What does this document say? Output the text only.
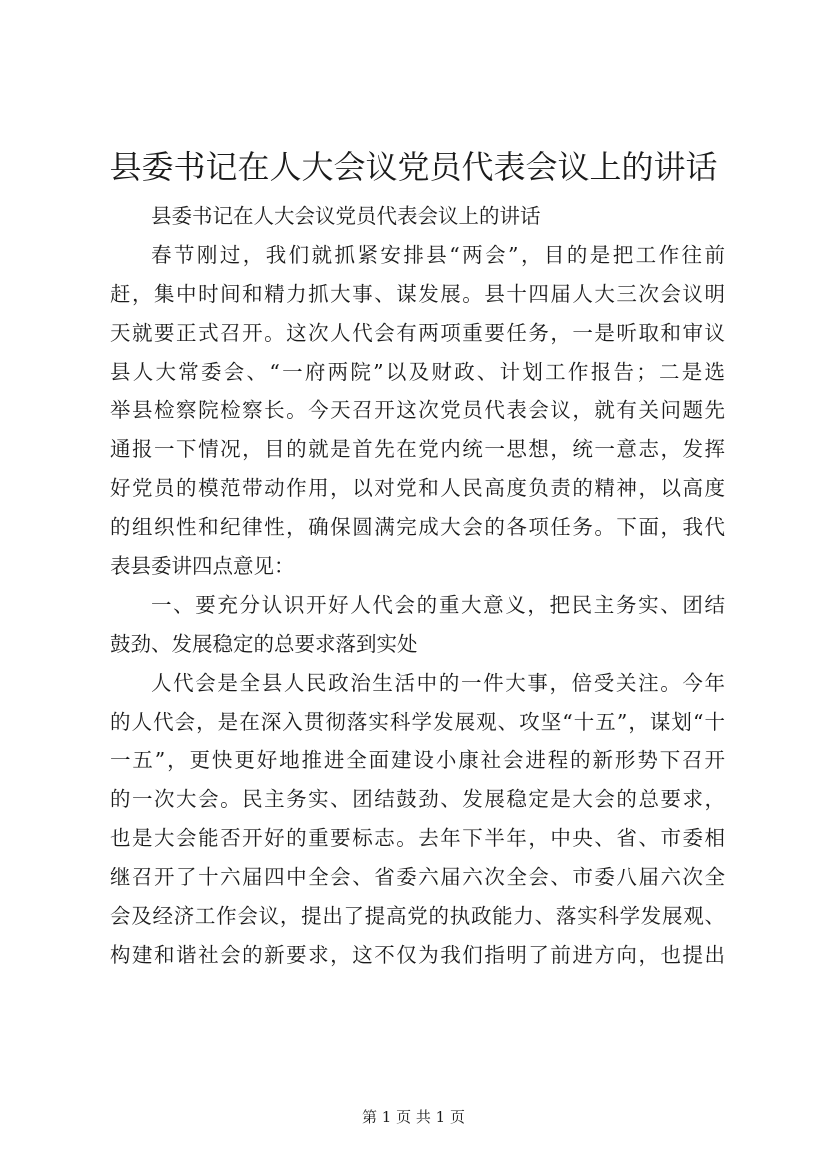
县委书记在人大会议党员代表会议上的讲话
县委书记在人大会议党员代表会议上的讲话
春节刚过，我们就抓紧安排县“两会”，目的是把工作往前
赶，集中时间和精力抓大事、谋发展。县十四届人大三次会议明
天就要正式召开。这次人代会有两项重要任务，一是听取和审议
县人大常委会、“一府两院”以及财政、计划工作报告；二是选
举县检察院检察长。今天召开这次党员代表会议，就有关问题先
通报一下情况，目的就是首先在党内统一思想，统一意志，发挥
好党员的模范带动作用，以对党和人民高度负责的精神，以高度
的组织性和纪律性，确保圆满完成大会的各项任务。下面，我代
表县委讲四点意见：
一、要充分认识开好人代会的重大意义，把民主务实、团结
鼓劲、发展稳定的总要求落到实处
人代会是全县人民政治生活中的一件大事，倍受关注。今年
的人代会，是在深入贯彻落实科学发展观、攻坚“十五”，谋划“十
一五”，更快更好地推进全面建设小康社会进程的新形势下召开
的一次大会。民主务实、团结鼓劲、发展稳定是大会的总要求，
也是大会能否开好的重要标志。去年下半年，中央、省、市委相
继召开了十六届四中全会、省委六届六次全会、市委八届六次全
会及经济工作会议，提出了提高党的执政能力、落实科学发展观、
构建和谐社会的新要求，这不仅为我们指明了前进方向，也提出
第 1 页 共 1 页
